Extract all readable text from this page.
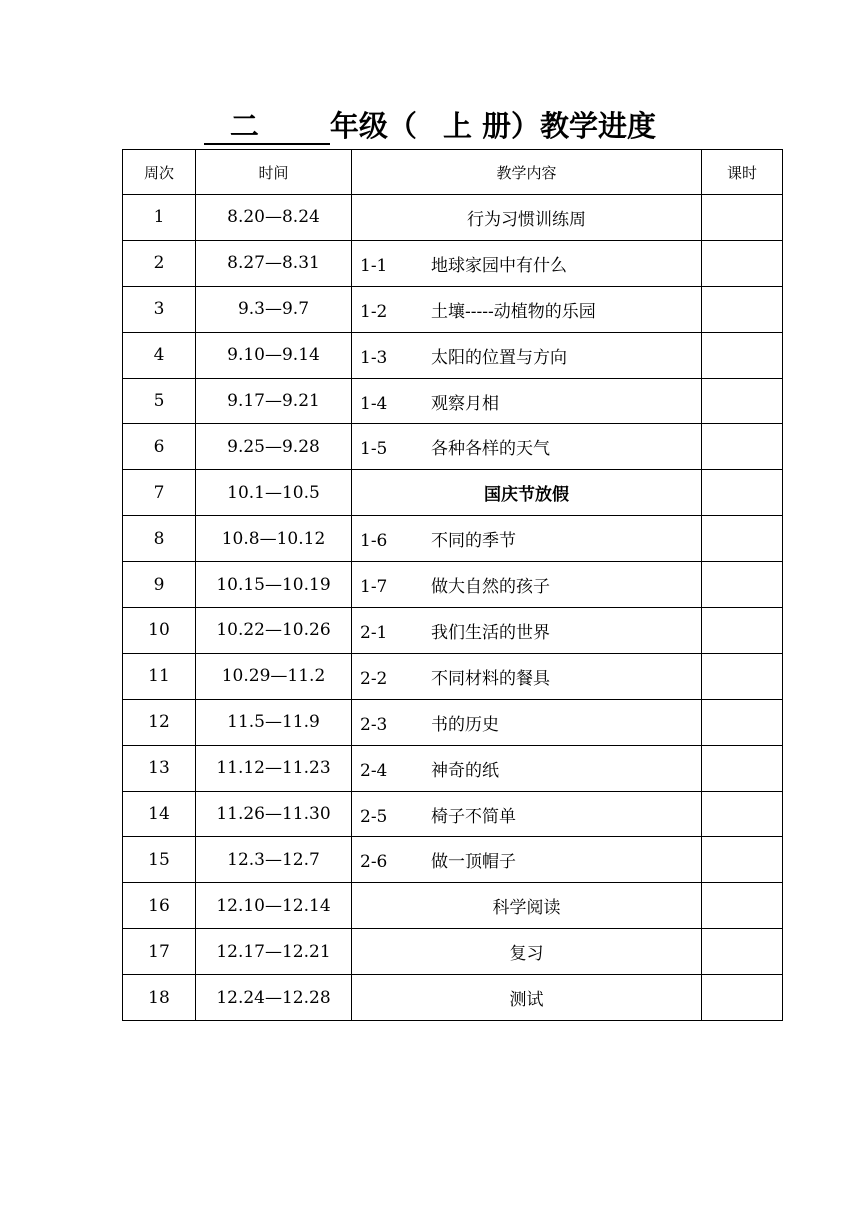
二 年级（ 上 册）教学进度
周次	时间	教学内容	课时
1	8.20—8.24	行为习惯训练周	
2	8.27—8.31	1-1 地球家园中有什么	
3	9.3—9.7	1-2 土壤-----动植物的乐园	
4	9.10—9.14	1-3 太阳的位置与方向	
5	9.17—9.21	1-4 观察月相	
6	9.25—9.28	1-5 各种各样的天气	
7	10.1—10.5	国庆节放假	
8	10.8—10.12	1-6 不同的季节	
9	10.15—10.19	1-7 做大自然的孩子	
10	10.22—10.26	2-1 我们生活的世界	
11	10.29—11.2	2-2 不同材料的餐具	
12	11.5—11.9	2-3 书的历史	
13	11.12—11.23	2-4 神奇的纸	
14	11.26—11.30	2-5 椅子不简单	
15	12.3—12.7	2-6 做一顶帽子	
16	12.10—12.14	科学阅读	
17	12.17—12.21	复习	
18	12.24—12.28	测试	
